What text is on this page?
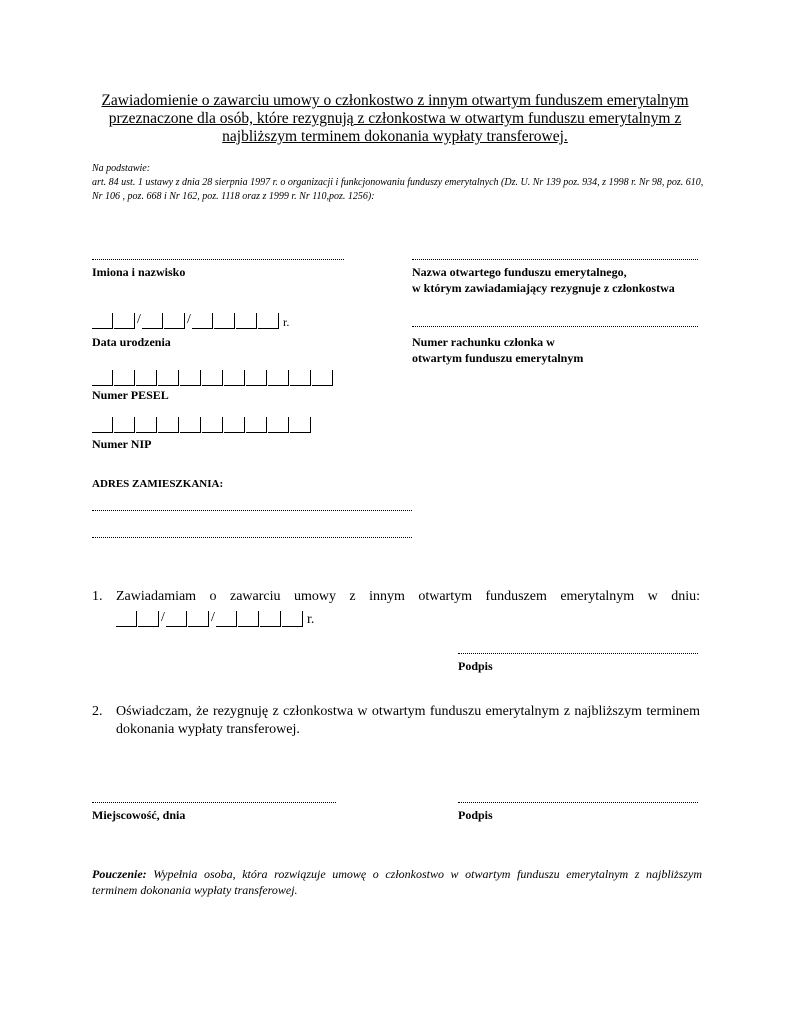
Zawiadomienie o zawarciu umowy o członkostwo z innym otwartym funduszem emerytalnym
przeznaczone dla osób, które rezygnują z członkostwa w otwartym funduszu emerytalnym z
najbliższym terminem dokonania wypłaty transferowej.
Na podstawie:
art. 84 ust. 1 ustawy z dnia 28 sierpnia 1997 r. o organizacji i funkcjonowaniu funduszy emerytalnych (Dz. U. Nr 139 poz. 934, z 1998 r. Nr 98, poz. 610, Nr 106 , poz. 668 i Nr 162, poz. 1118 oraz z 1999 r. Nr 110,poz. 1256):
Imiona i nazwisko	Nazwa otwartego funduszu emerytalnego,
w którym zawiadamiający rezygnuje z członkostwa
/	/	r.
Data urodzenia	Numer rachunku członka w
otwartym funduszu emerytalnym
Numer PESEL
Numer NIP
ADRES ZAMIESZKANIA:
1. Zawiadamiam o zawarciu umowy z innym otwartym funduszem emerytalnym w dniu:
/	/	r.
Podpis
2. Oświadczam, że rezygnuję z członkostwa w otwartym funduszu emerytalnym z najbliższym terminem dokonania wypłaty transferowej.
Miejscowość, dnia	Podpis
Pouczenie: Wypełnia osoba, która rozwiązuje umowę o członkostwo w otwartym funduszu emerytalnym z najbliższym terminem dokonania wypłaty transferowej.
